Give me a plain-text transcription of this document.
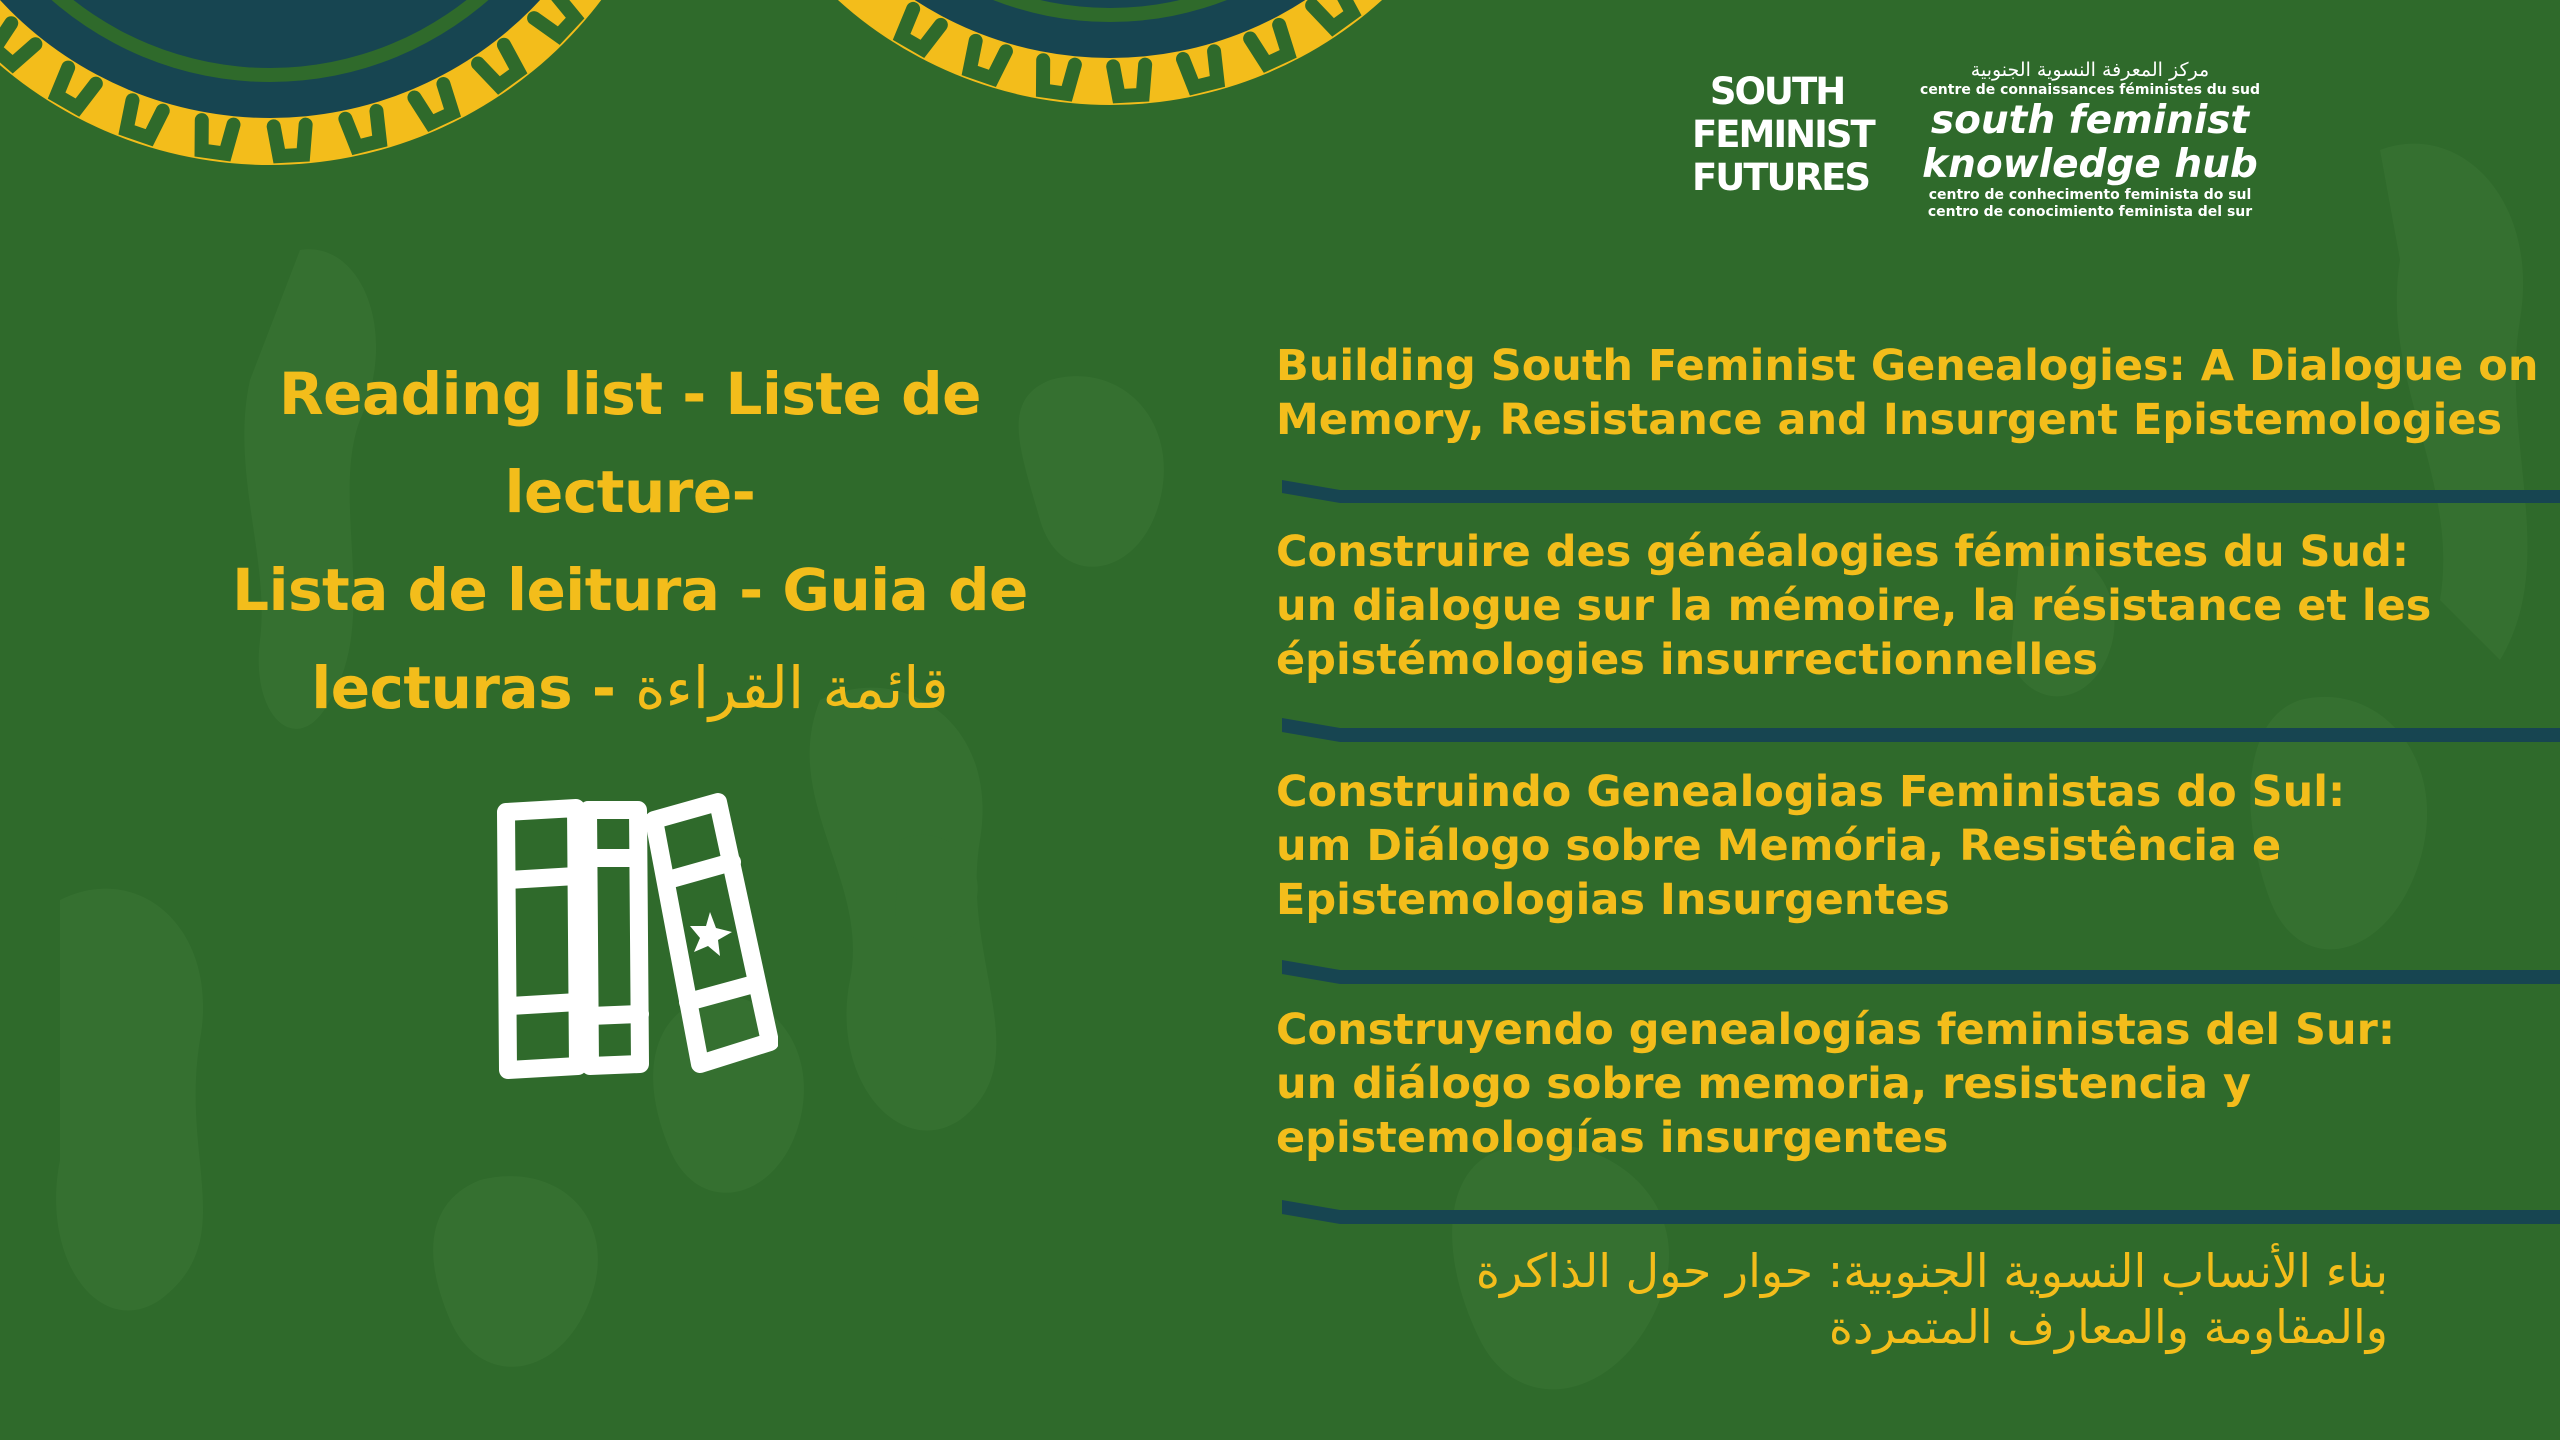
SOUTH
FEMINIST
FUTURES
مركز المعرفة النسوية الجنوبية
centre de connaissances féministes du sud
south feminist
knowledge hub
centro de conhecimento feminista do sul
centro de conocimiento feminista del sur
Reading list - Liste de lecture-
Lista de leitura - Guia de
lecturas - قائمة القراءة
Building South Feminist Genealogies: A Dialogue on
Memory, Resistance and Insurgent Epistemologies
Construire des généalogies féministes du Sud:
un dialogue sur la mémoire, la résistance et les
épistémologies insurrectionnelles
Construindo Genealogias Feministas do Sul:
um Diálogo sobre Memória, Resistência e
Epistemologias Insurgentes
Construyendo genealogías feministas del Sur:
un diálogo sobre memoria, resistencia y
epistemologías insurgentes
بناء الأنساب النسوية الجنوبية: حوار حول الذاكرة
والمقاومة والمعارف المتمردة
